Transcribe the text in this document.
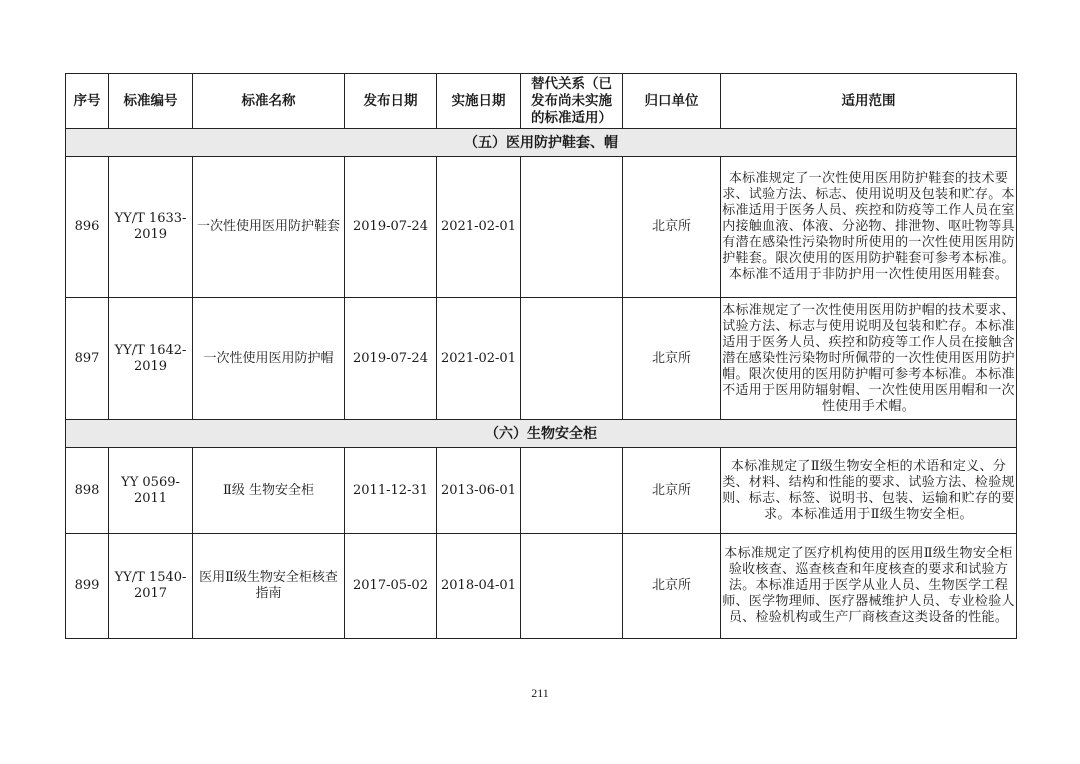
序号	标准编号	标准名称	发布日期	实施日期	替代关系（已发布尚未实施的标准适用）	归口单位	适用范围
（五）医用防护鞋套、帽							
896	YY/T 1633-2019	一次性使用医用防护鞋套	2019-07-24	2021-02-01		北京所	本标准规定了一次性使用医用防护鞋套的技术要求、试验方法、标志、使用说明及包装和贮存。本标准适用于医务人员、疾控和防疫等工作人员在室内接触血液、体液、分泌物、排泄物、呕吐物等具有潜在感染性污染物时所使用的一次性使用医用防护鞋套。限次使用的医用防护鞋套可参考本标准。本标准不适用于非防护用一次性使用医用鞋套。
897	YY/T 1642-2019	一次性使用医用防护帽	2019-07-24	2021-02-01		北京所	本标准规定了一次性使用医用防护帽的技术要求、试验方法、标志与使用说明及包装和贮存。本标准适用于医务人员、疾控和防疫等工作人员在接触含潜在感染性污染物时所佩带的一次性使用医用防护帽。限次使用的医用防护帽可参考本标准。本标准不适用于医用防辐射帽、一次性使用医用帽和一次性使用手术帽。
（六）生物安全柜							
898	YY 0569-2011	Ⅱ级 生物安全柜	2011-12-31	2013-06-01		北京所	本标准规定了Ⅱ级生物安全柜的术语和定义、分类、材料、结构和性能的要求、试验方法、检验规则、标志、标签、说明书、包装、运输和贮存的要求。本标准适用于Ⅱ级生物安全柜。
899	YY/T 1540-2017	医用Ⅱ级生物安全柜核查指南	2017-05-02	2018-04-01		北京所	本标准规定了医疗机构使用的医用Ⅱ级生物安全柜验收核查、巡查核查和年度核查的要求和试验方法。本标准适用于医学从业人员、生物医学工程师、医学物理师、医疗器械维护人员、专业检验人员、检验机构或生产厂商核查这类设备的性能。
211
